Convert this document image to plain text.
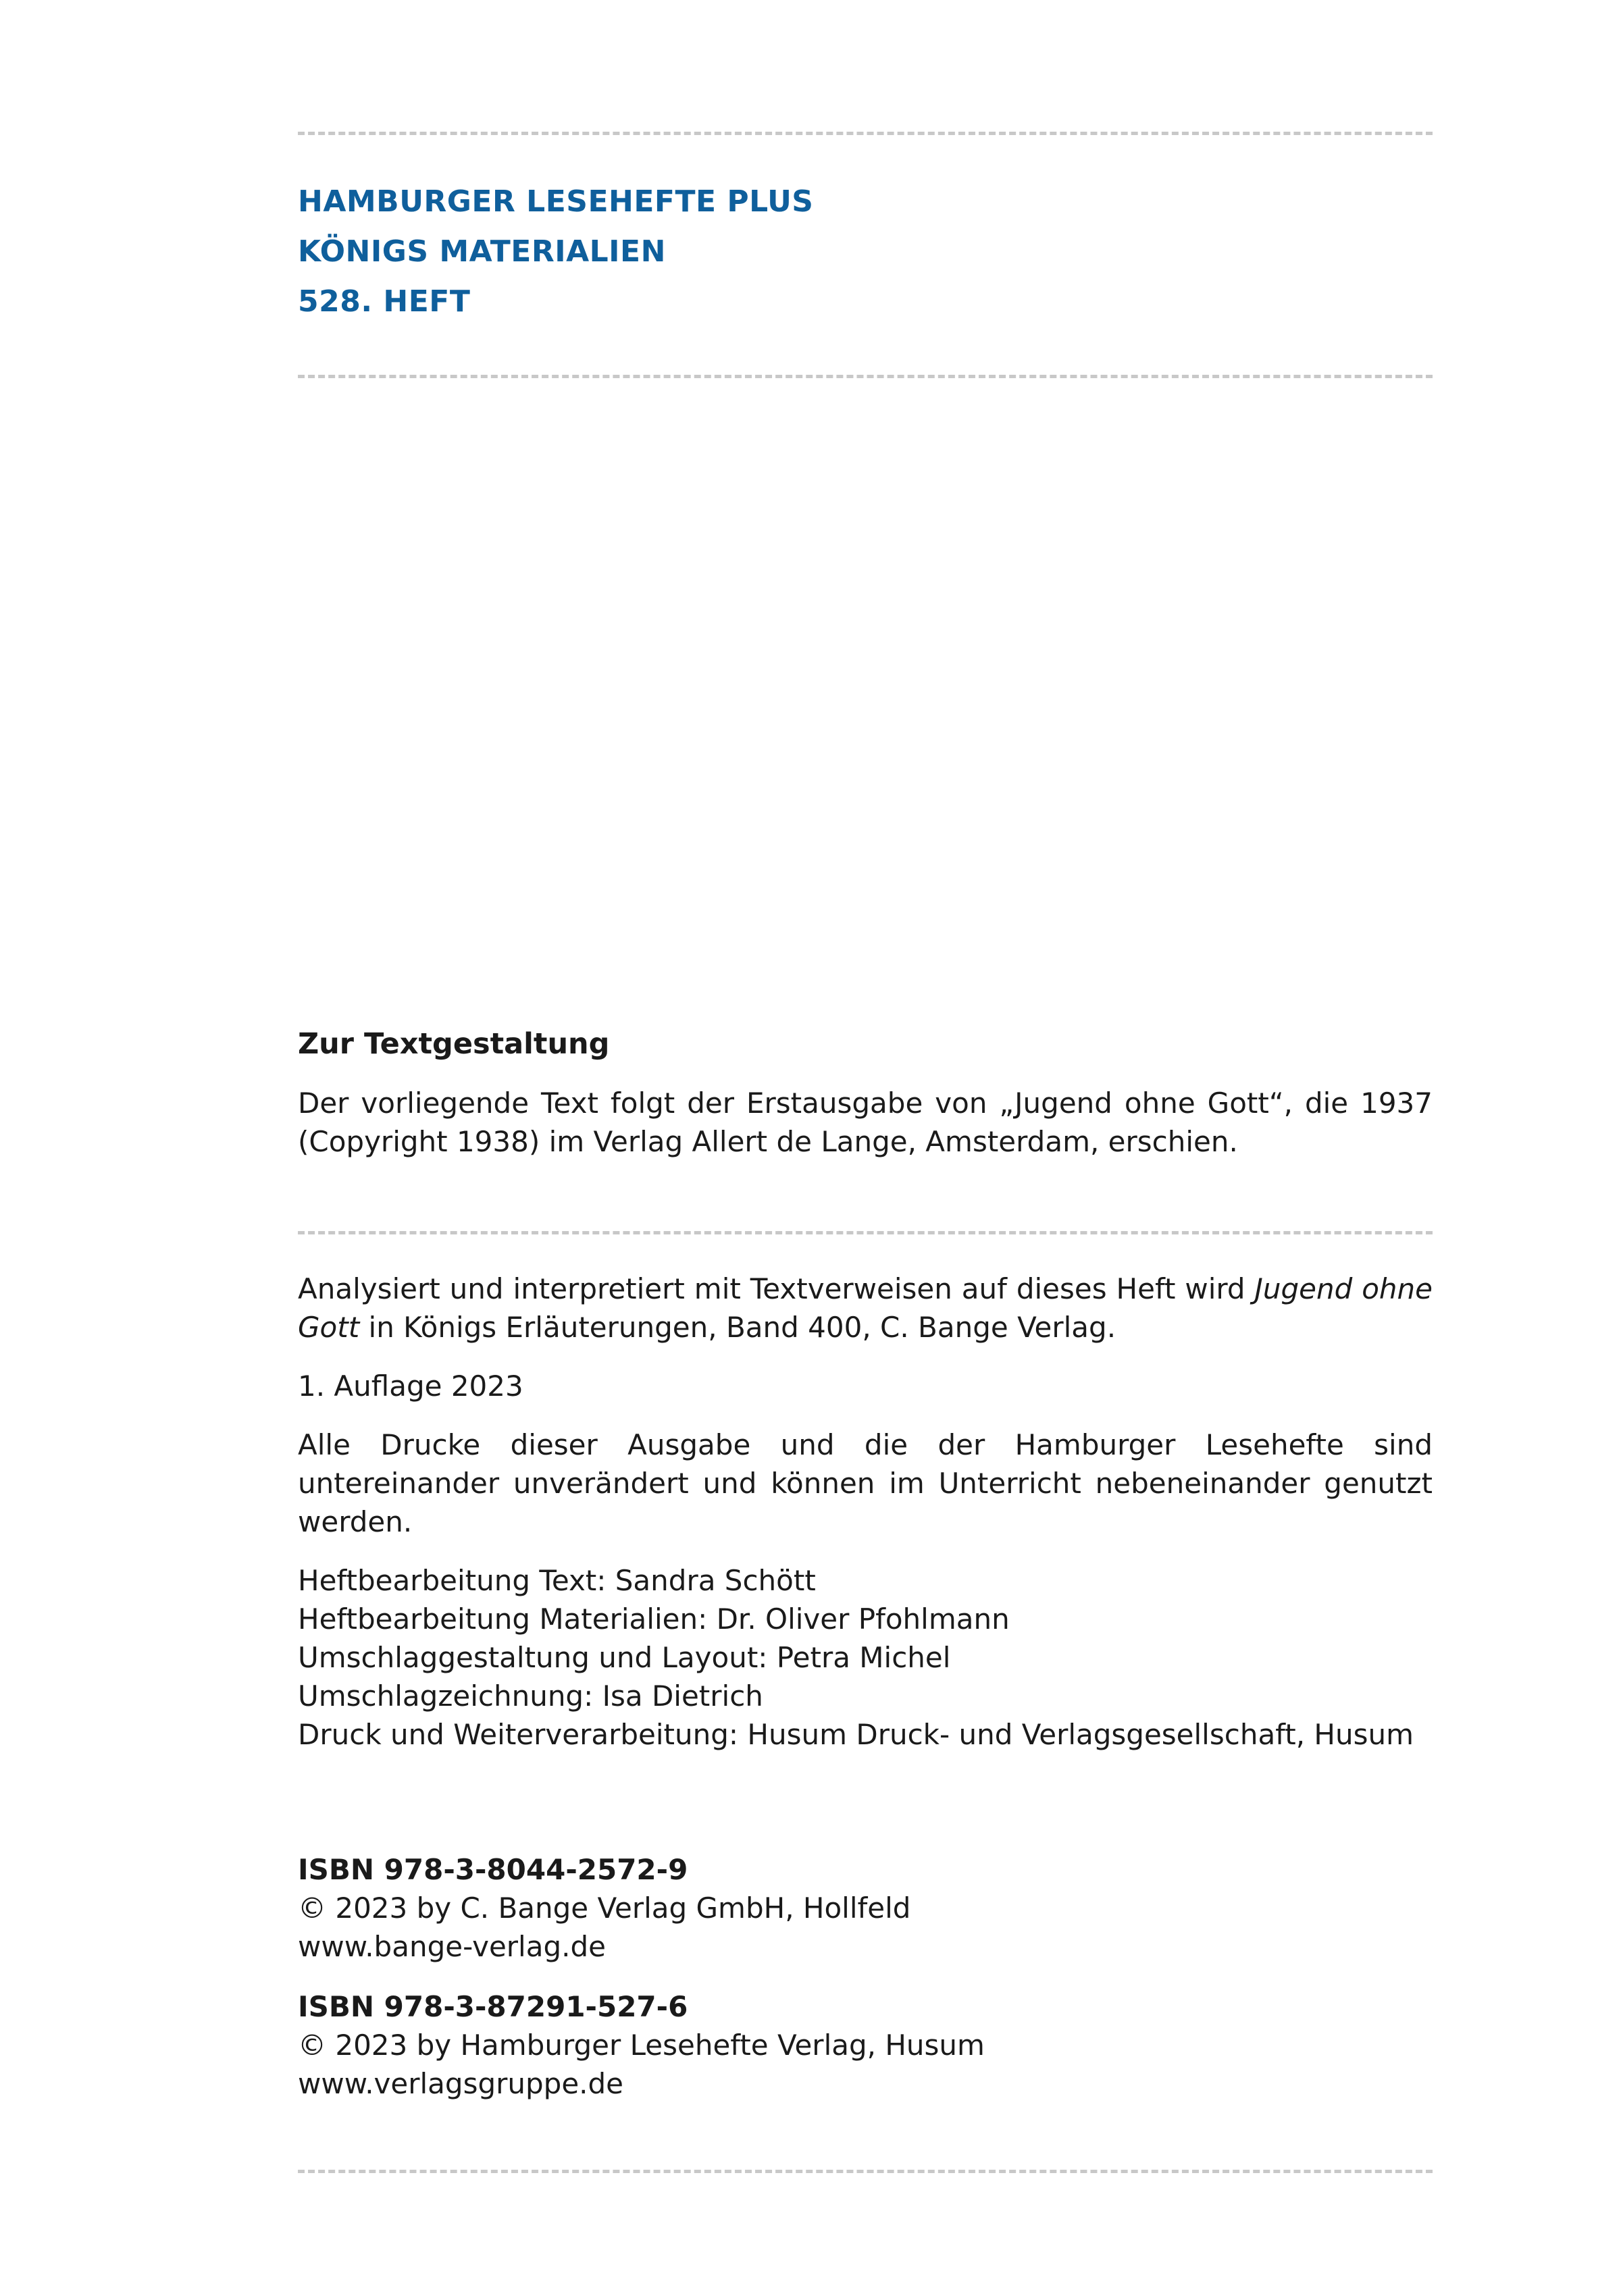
HAMBURGER LESEHEFTE PLUS
KÖNIGS MATERIALIEN
528. HEFT

Zur Textgestaltung

Der vorliegende Text folgt der Erstausgabe von „Jugend ohne Gott“, die 1937 (Copyright 1938) im Verlag Allert de Lange, Amsterdam, erschien.

Analysiert und interpretiert mit Textverweisen auf dieses Heft wird Jugend ohne Gott in Königs Erläuterungen, Band 400, C. Bange Verlag.

1. Auflage 2023

Alle Drucke dieser Ausgabe und die der Hamburger Lesehefte sind untereinander unverändert und können im Unterricht nebeneinander genutzt werden.

Heftbearbeitung Text: Sandra Schött
Heftbearbeitung Materialien: Dr. Oliver Pfohlmann
Umschlaggestaltung und Layout: Petra Michel
Umschlagzeichnung: Isa Dietrich
Druck und Weiterverarbeitung: Husum Druck- und Verlagsgesellschaft, Husum
ISBN 978-3-8044-2572-9
© 2023 by C. Bange Verlag GmbH, Hollfeld
www.bange-verlag.de
ISBN 978-3-87291-527-6
© 2023 by Hamburger Lesehefte Verlag, Husum
www.verlagsgruppe.de
